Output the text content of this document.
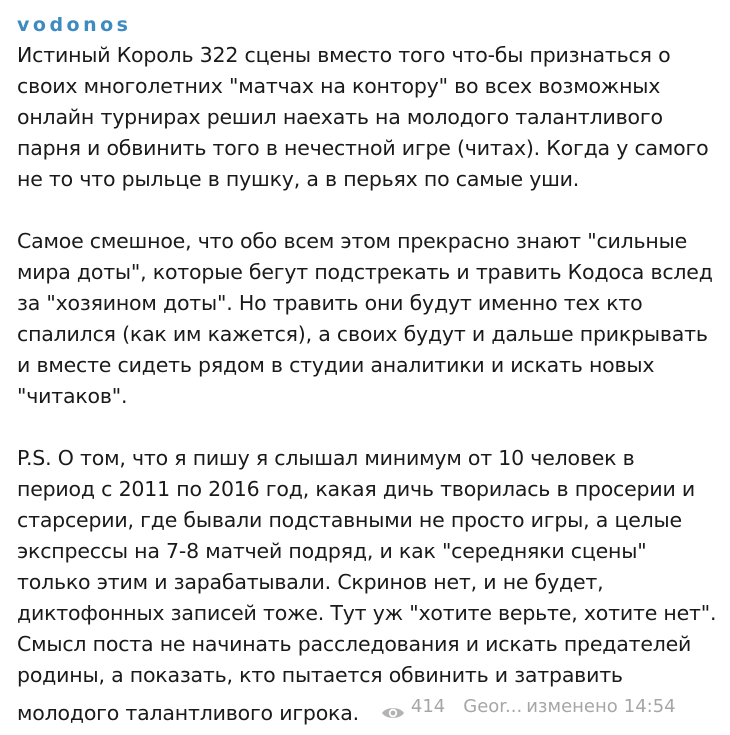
vodonos
Истиный Король 322 сцены вместо того что-бы признаться о
своих многолетних "матчах на контору" во всех возможных
онлайн турнирах решил наехать на молодого талантливого
парня и обвинить того в нечестной игре (читах). Когда у самого
не то что рыльце в пушку, а в перьях по самые уши.
Самое смешное, что обо всем этом прекрасно знают "сильные
мира доты", которые бегут подстрекать и травить Кодоса вслед
за "хозяином доты". Но травить они будут именно тех кто
спалился (как им кажется), а своих будут и дальше прикрывать
и вместе сидеть рядом в студии аналитики и искать новых
"читаков".
P.S. О том, что я пишу я слышал минимум от 10 человек в
период с 2011 по 2016 год, какая дичь творилась в просерии и
старсерии, где бывали подставными не просто игры, а целые
экспрессы на 7-8 матчей подряд, и как "середняки сцены"
только этим и зарабатывали. Скринов нет, и не будет,
диктофонных записей тоже. Тут уж "хотите верьте, хотите нет".
Смысл поста не начинать расследования и искать предателей
родины, а показать, кто пытается обвинить и затравить
молодого талантливого игрока.	414 Geor... изменено 14:54
